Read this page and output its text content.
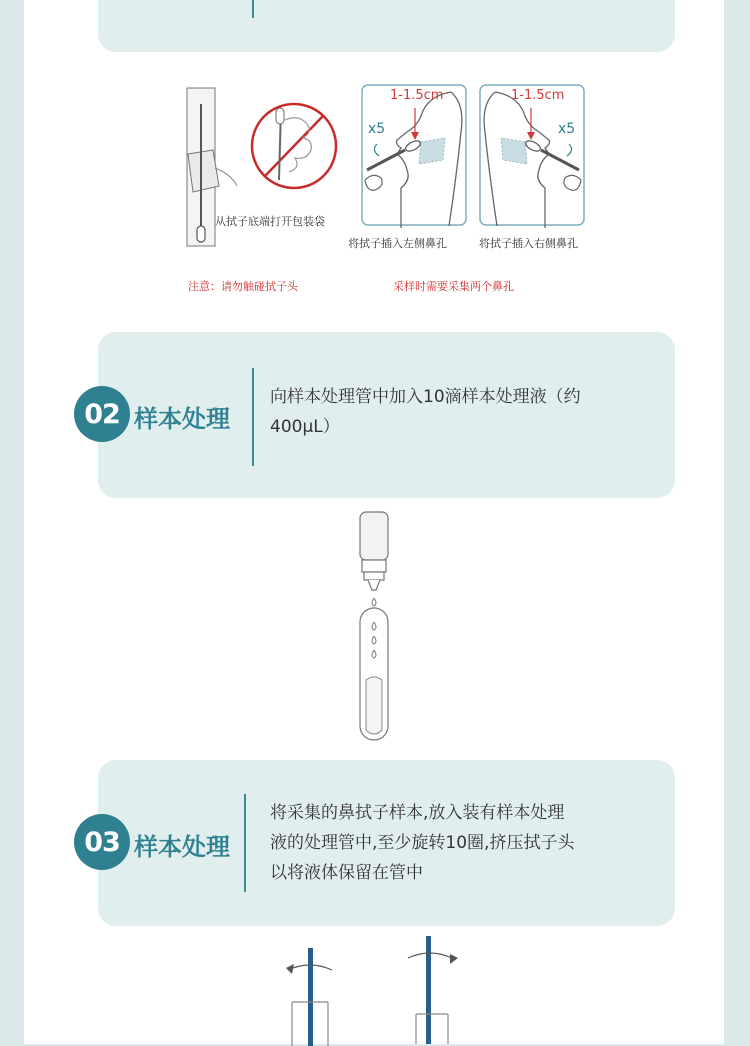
从拭子底端打开包装袋
1-1.5cm
x5
1-1.5cm
x5
将拭子插入左侧鼻孔	将拭子插入右侧鼻孔
注意：请勿触碰拭子头	采样时需要采集两个鼻孔
02 样本处理
向样本处理管中加入10滴样本处理液（约
400μL）
03 样本处理
将采集的鼻拭子样本,放入装有样本处理
液的处理管中,至少旋转10圈,挤压拭子头
以将液体保留在管中
